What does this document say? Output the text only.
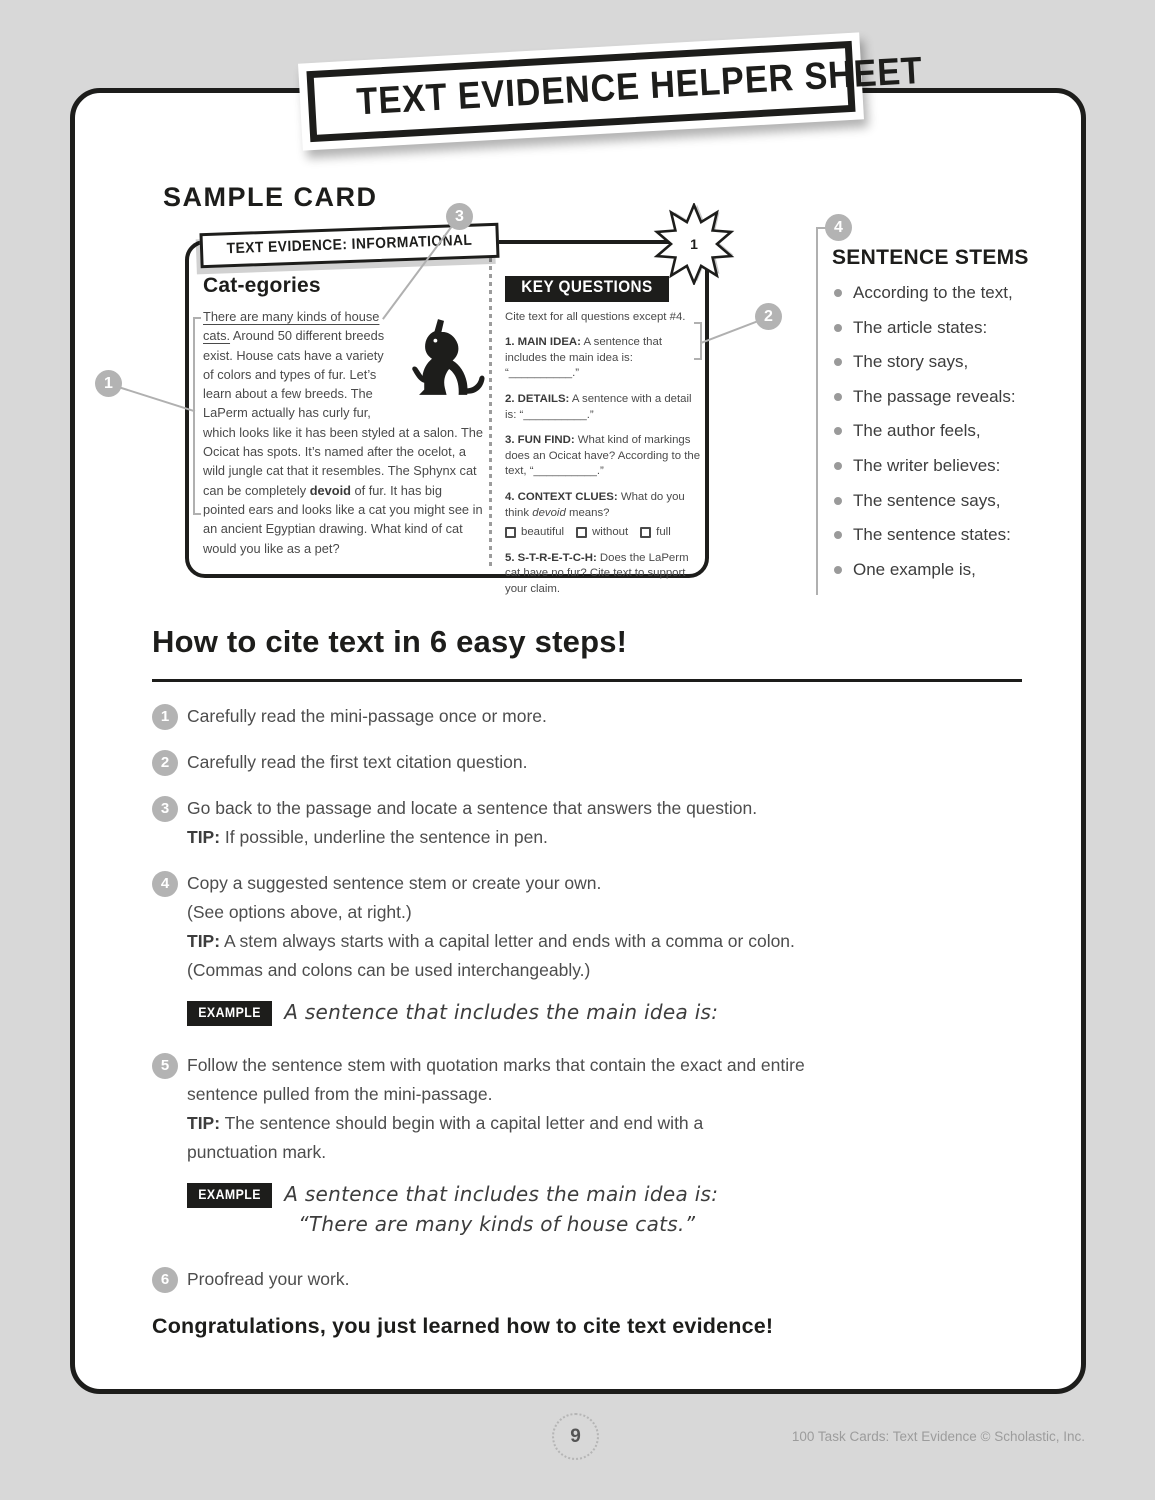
TEXT EVIDENCE HELPER SHEET
SAMPLE CARD
TEXT EVIDENCE: INFORMATIONAL	1
Cat-egories
There are many kinds of house cats. Around 50 different breeds exist. House cats have a variety of colors and types of fur. Let’s learn about a few breeds. The LaPerm actually has curly fur, which looks like it has been styled at a salon. The Ocicat has spots. It’s named after the ocelot, a wild jungle cat that it resembles. The Sphynx cat can be completely devoid of fur. It has big pointed ears and looks like a cat you might see in an ancient Egyptian drawing. What kind of cat would you like as a pet?
KEY QUESTIONS

Cite text for all questions except #4.

1. MAIN IDEA: A sentence that includes the main idea is: “__________.”

2. DETAILS: A sentence with a detail is: “__________.”

3. FUN FIND: What kind of markings does an Ocicat have? According to the text, “__________.”

4. CONTEXT CLUES: What do you think devoid means?

beautiful without full

5. S-T-R-E-T-C-H: Does the LaPerm cat have no fur? Cite text to support your claim.

1
2
3
4
SENTENCE STEMS
According to the text,
The article states:
The story says,
The passage reveals:
The author feels,
The writer believes:
The sentence says,
The sentence states:
One example is,
How to cite text in 6 easy steps!
1	Carefully read the mini-passage once or more.

2	Carefully read the first text citation question.

3	Go back to the passage and locate a sentence that answers the question.

TIP: If possible, underline the sentence in pen.

4	Copy a suggested sentence stem or create your own.

(See options above, at right.)

TIP: A stem always starts with a capital letter and ends with a comma or colon.

(Commas and colons can be used interchangeably.)

EXAMPLE	A sentence that includes the main idea is:
5	Follow the sentence stem with quotation marks that contain the exact and entire sentence pulled from the mini-passage.

TIP: The sentence should begin with a capital letter and end with a punctuation mark.

EXAMPLE	A sentence that includes the main idea is:
“There are many kinds of house cats.”
6	Proofread your work.

Congratulations, you just learned how to cite text evidence!
9	100 Task Cards: Text Evidence © Scholastic, Inc.
